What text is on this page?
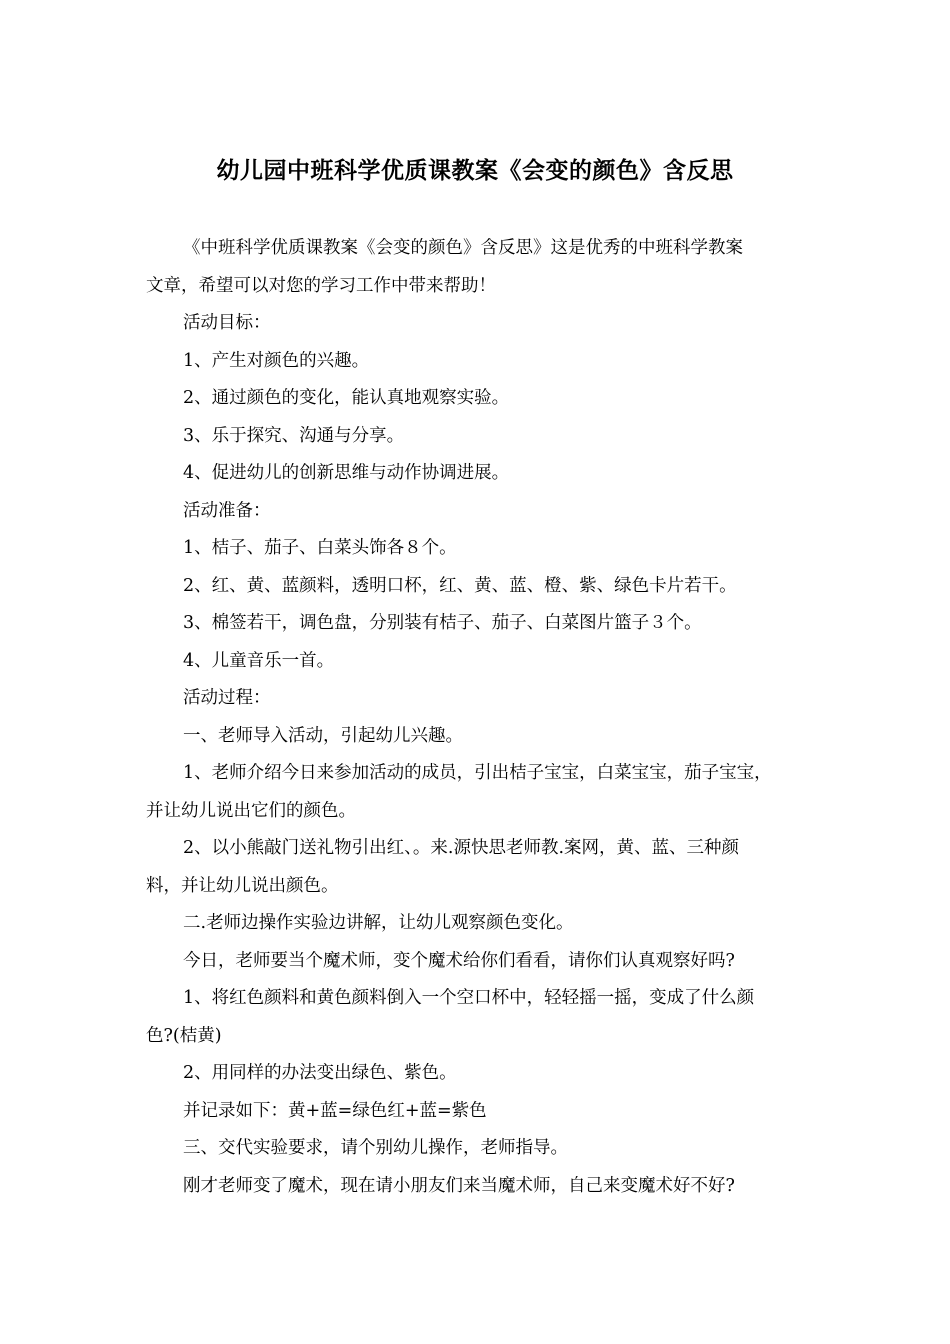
幼儿园中班科学优质课教案《会变的颜色》含反思

《中班科学优质课教案《会变的颜色》含反思》这是优秀的中班科学教案

文章，希望可以对您的学习工作中带来帮助！

活动目标：

1、产生对颜色的兴趣。

2、通过颜色的变化，能认真地观察实验。

3、乐于探究、沟通与分享。

4、促进幼儿的创新思维与动作协调进展。

活动准备：

1、桔子、茄子、白菜头饰各８个。

2、红、黄、蓝颜料，透明口杯，红、黄、蓝、橙、紫、绿色卡片若干。

3、棉签若干，调色盘，分别装有桔子、茄子、白菜图片篮子３个。

4、儿童音乐一首。

活动过程：

一、老师导入活动，引起幼儿兴趣。

1、老师介绍今日来参加活动的成员，引出桔子宝宝，白菜宝宝，茄子宝宝，

并让幼儿说出它们的颜色。

2、以小熊敲门送礼物引出红、。来.源快思老师教.案网，黄、蓝、三种颜

料，并让幼儿说出颜色。

二.老师边操作实验边讲解，让幼儿观察颜色变化。

今日，老师要当个魔术师，变个魔术给你们看看，请你们认真观察好吗?

1、将红色颜料和黄色颜料倒入一个空口杯中，轻轻摇一摇，变成了什么颜

色?(桔黄)

2、用同样的办法变出绿色、紫色。

并记录如下：黄+蓝=绿色红+蓝=紫色

三、交代实验要求，请个别幼儿操作，老师指导。

刚才老师变了魔术，现在请小朋友们来当魔术师，自己来变魔术好不好?
